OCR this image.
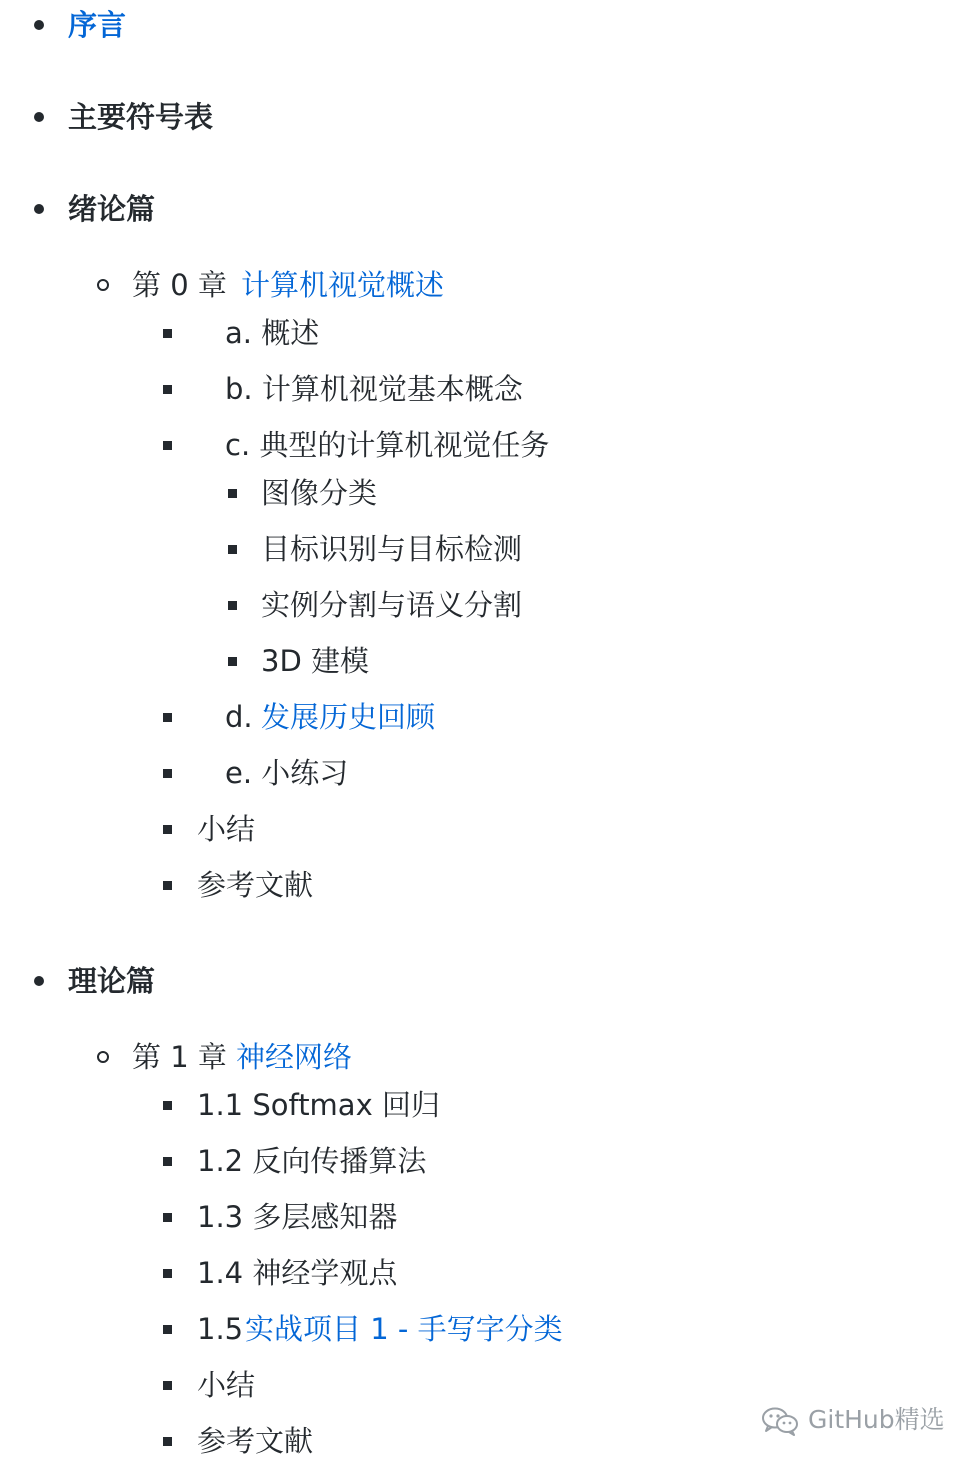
序言
主要符号表
绪论篇
第 0 章 计算机视觉概述
a. 概述
b. 计算机视觉基本概念
c. 典型的计算机视觉任务
图像分类
目标识别与目标检测
实例分割与语义分割
3D 建模
d. 发展历史回顾
e. 小练习
小结
参考文献
理论篇
第 1 章 神经网络
1.1 Softmax 回归
1.2 反向传播算法
1.3 多层感知器
1.4 神经学观点
1.5 实战项目 1 - 手写字分类
小结
参考文献
GitHub精选
